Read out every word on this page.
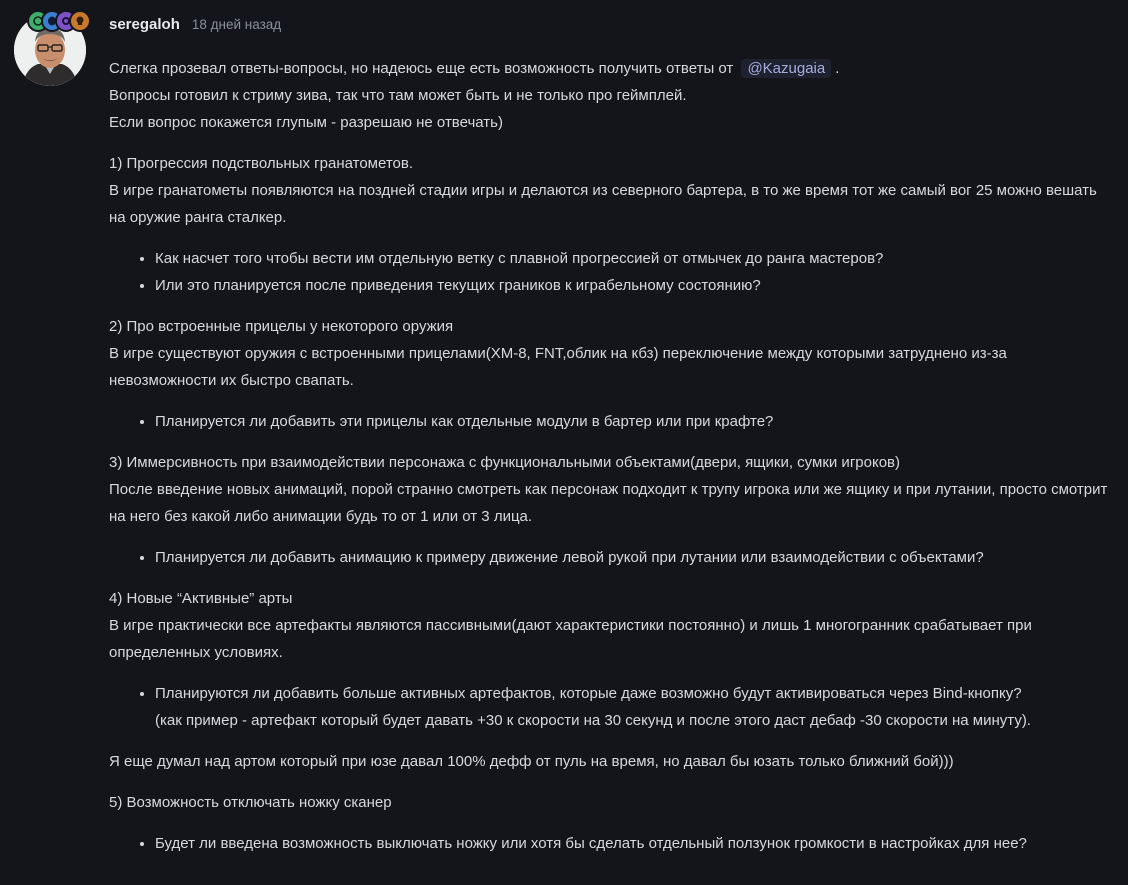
seregaloh 18 дней назад

Слегка прозевал ответы-вопросы, но надеюсь еще есть возможность получить ответы от @Kazugaia .
Вопросы готовил к стриму зива, так что там может быть и не только про геймплей.
Если вопрос покажется глупым - разрешаю не отвечать)

1) Прогрессия подствольных гранатометов.
В игре гранатометы появляются на поздней стадии игры и делаются из северного бартера, в то же время тот же самый вог 25 можно вешать на оружие ранга сталкер.

• Как насчет того чтобы вести им отдельную ветку с плавной прогрессией от отмычек до ранга мастеров?
• Или это планируется после приведения текущих граников к играбельному состоянию?

2) Про встроенные прицелы у некоторого оружия
В игре существуют оружия с встроенными прицелами(XM-8, FNT,облик на кбз) переключение между которыми затруднено из-за невозможности их быстро свапать.

• Планируется ли добавить эти прицелы как отдельные модули в бартер или при крафте?

3) Иммерсивность при взаимодействии персонажа с функциональными объектами(двери, ящики, сумки игроков)
После введение новых анимаций, порой странно смотреть как персонаж подходит к трупу игрока или же ящику и при лутании, просто смотрит на него без какой либо анимации будь то от 1 или от 3 лица.

• Планируется ли добавить анимацию к примеру движение левой рукой при лутании или взаимодействии с объектами?

4) Новые “Активные” арты
В игре практически все артефакты являются пассивными(дают характеристики постоянно) и лишь 1 многогранник срабатывает при определенных условиях.

• Планируются ли добавить больше активных артефактов, которые даже возможно будут активироваться через Bind-кнопку?
(как пример - артефакт который будет давать +30 к скорости на 30 секунд и после этого даст дебаф -30 скорости на минуту).

Я еще думал над артом который при юзе давал 100% дефф от пуль на время, но давал бы юзать только ближний бой)))

5) Возможность отключать ножку сканер

• Будет ли введена возможность выключать ножку или хотя бы сделать отдельный ползунок громкости в настройках для нее?
